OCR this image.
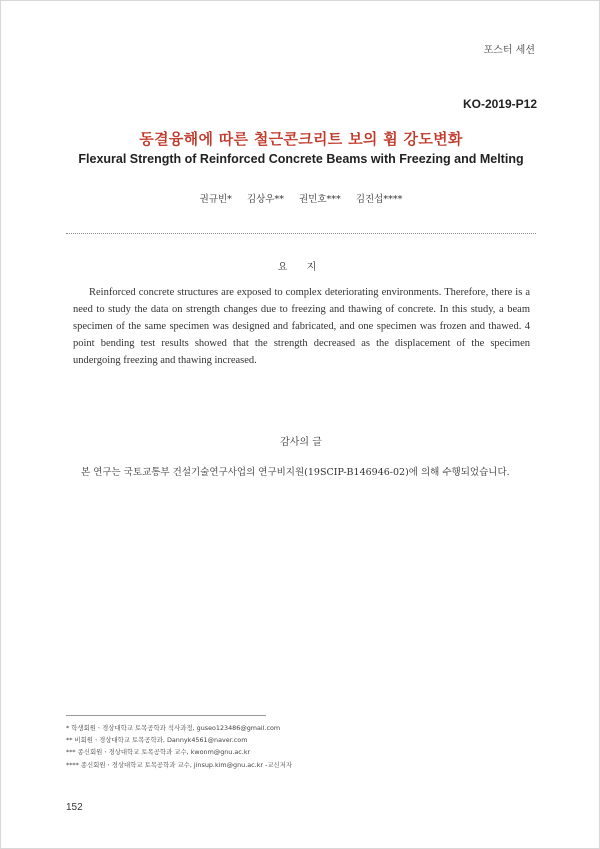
포스터 세션
KO-2019-P12
동결융해에 따른 철근콘크리트 보의 휨 강도변화
Flexural Strength of Reinforced Concrete Beams with Freezing and Melting
권규빈* 김상우** 권민호*** 김진섭****
요 지

Reinforced concrete structures are exposed to complex deteriorating environments. Therefore, there is a need to study the data on strength changes due to freezing and thawing of concrete. In this study, a beam specimen of the same specimen was designed and fabricated, and one specimen was frozen and thawed. 4 point bending test results showed that the strength decreased as the displacement of the specimen undergoing freezing and thawing increased.

감사의 글

본 연구는 국토교통부 건설기술연구사업의 연구비지원(19SCIP-B146946-02)에 의해 수행되었습니다.

* 학생회원ㆍ경상대학교 토목공학과 석사과정, guseo123486@gmail.com
** 비회원ㆍ경상대학교 토목공학과, Dannyk4561@naver.com
*** 종신회원ㆍ경상대학교 토목공학과 교수, kwonm@gnu.ac.kr
**** 종신회원ㆍ경상대학교 토목공학과 교수, jinsup.kim@gnu.ac.kr -교신저자
152
